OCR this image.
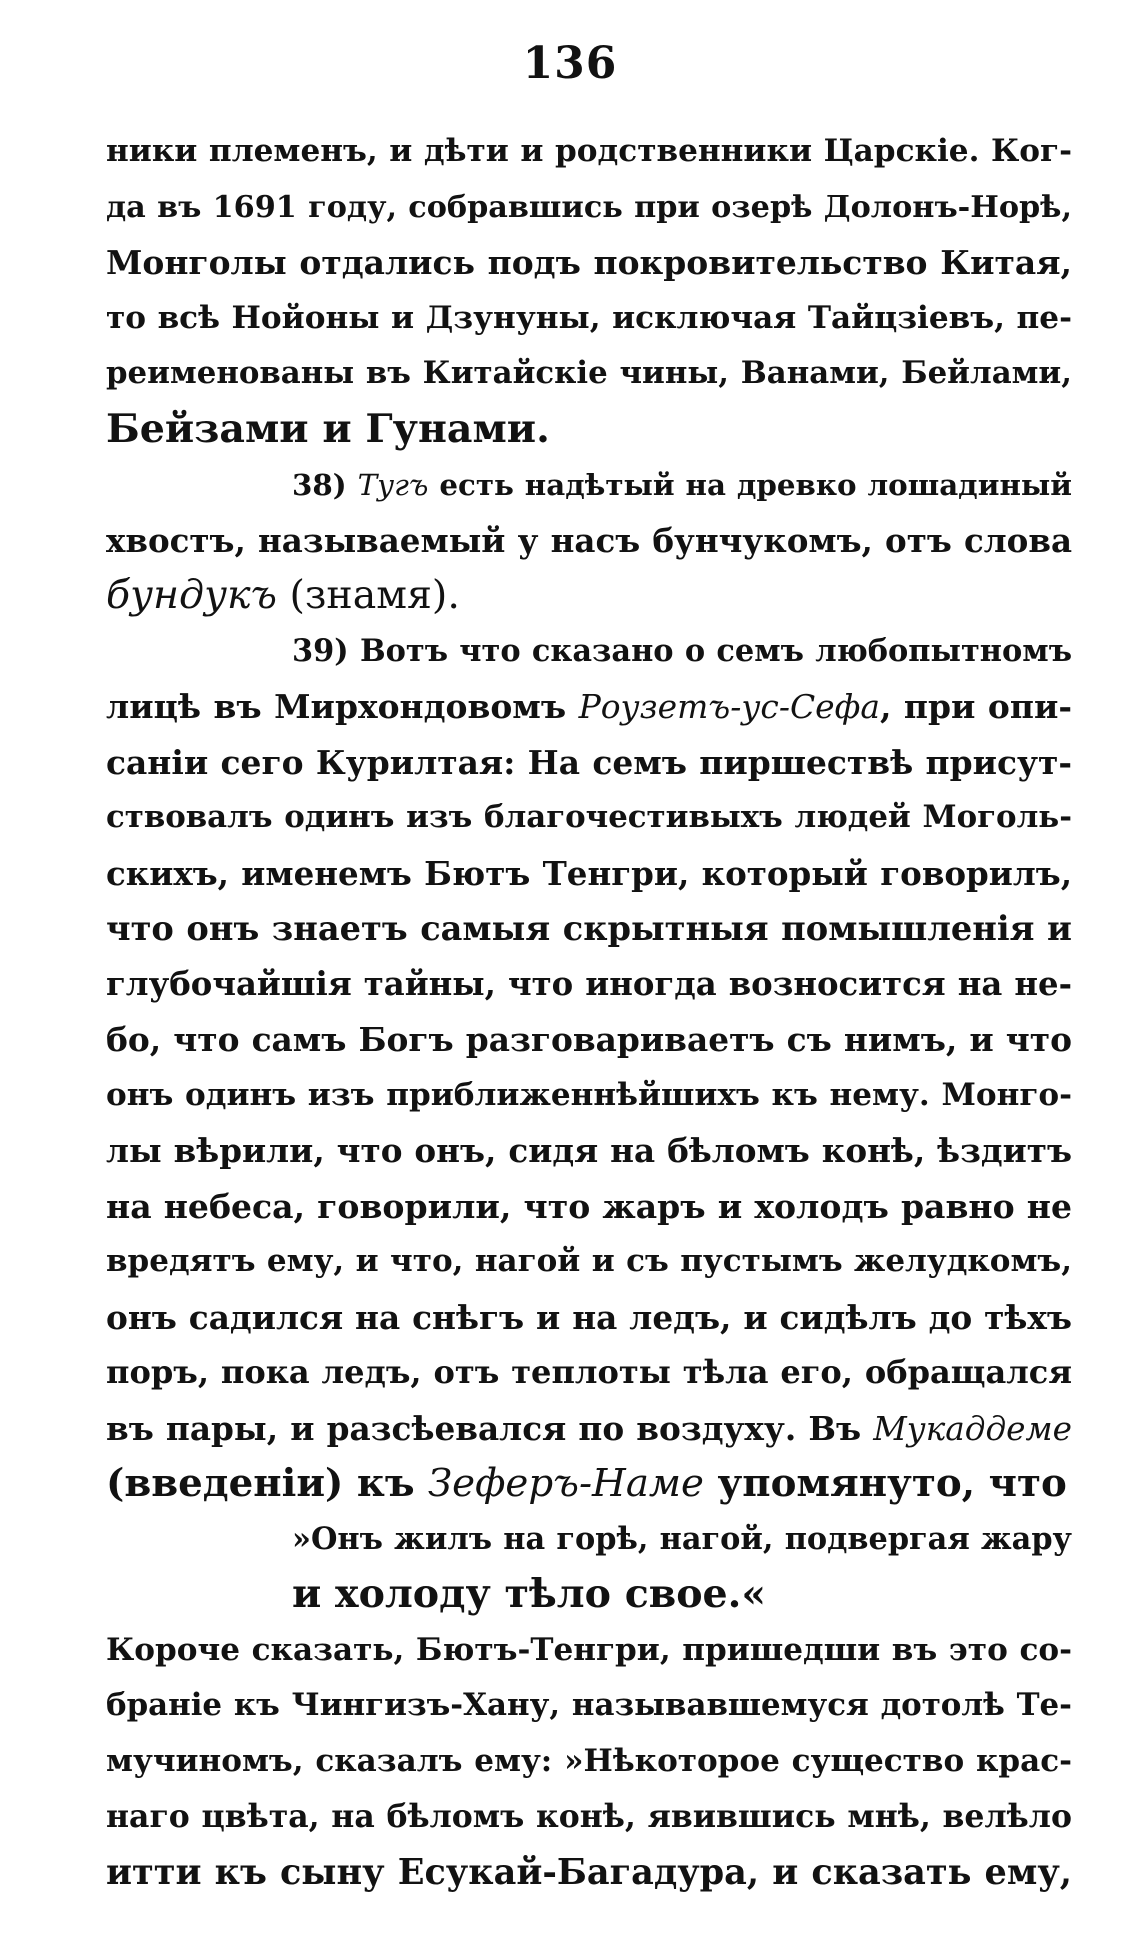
136
ники племенъ, и дѣти и родственники Царскіе. Ког-
да въ 1691 году, собравшись при озерѣ Долонъ-Норѣ,
Монголы отдались подъ покровительство Китая,
то всѣ Нойоны и Дзунуны, исключая Тайцзіевъ, пе-
реименованы въ Китайскіе чины, Ванами, Бейлами,
Бейзами и Гунами.
38) Тугъ есть надѣтый на древко лошадиный
хвостъ, называемый у насъ бунчукомъ, отъ слова
бундукъ (знамя).
39) Вотъ что сказано о семъ любопытномъ
лицѣ въ Мирхондовомъ Роузетъ-ус-Сефа, при опи-
саніи сего Курилтая: На семъ пиршествѣ присут-
ствовалъ одинъ изъ благочестивыхъ людей Моголь-
скихъ, именемъ Бютъ Тенгри, который говорилъ,
что онъ знаетъ самыя скрытныя помышленія и
глубочайшія тайны, что иногда возносится на не-
бо, что самъ Богъ разговариваетъ съ нимъ, и что
онъ одинъ изъ приближеннѣйшихъ къ нему. Монго-
лы вѣрили, что онъ, сидя на бѣломъ конѣ, ѣздитъ
на небеса, говорили, что жаръ и холодъ равно не
вредятъ ему, и что, нагой и съ пустымъ желудкомъ,
онъ садился на снѣгъ и на ледъ, и сидѣлъ до тѣхъ
поръ, пока ледъ, отъ теплоты тѣла его, обращался
въ пары, и разсѣевался по воздуху. Въ Мукаддеме
(введеніи) къ Зеферъ-Наме упомянуто, что
»Онъ жилъ на горѣ, нагой, подвергая жару
и холоду тѣло свое.«
Короче сказать, Бютъ-Тенгри, пришедши въ это со-
браніе къ Чингизъ-Хану, называвшемуся дотолѣ Те-
мучиномъ, сказалъ ему: »Нѣкоторое существо крас-
наго цвѣта, на бѣломъ конѣ, явившись мнѣ, велѣло
итти къ сыну Есукай-Багадура, и сказать ему,
